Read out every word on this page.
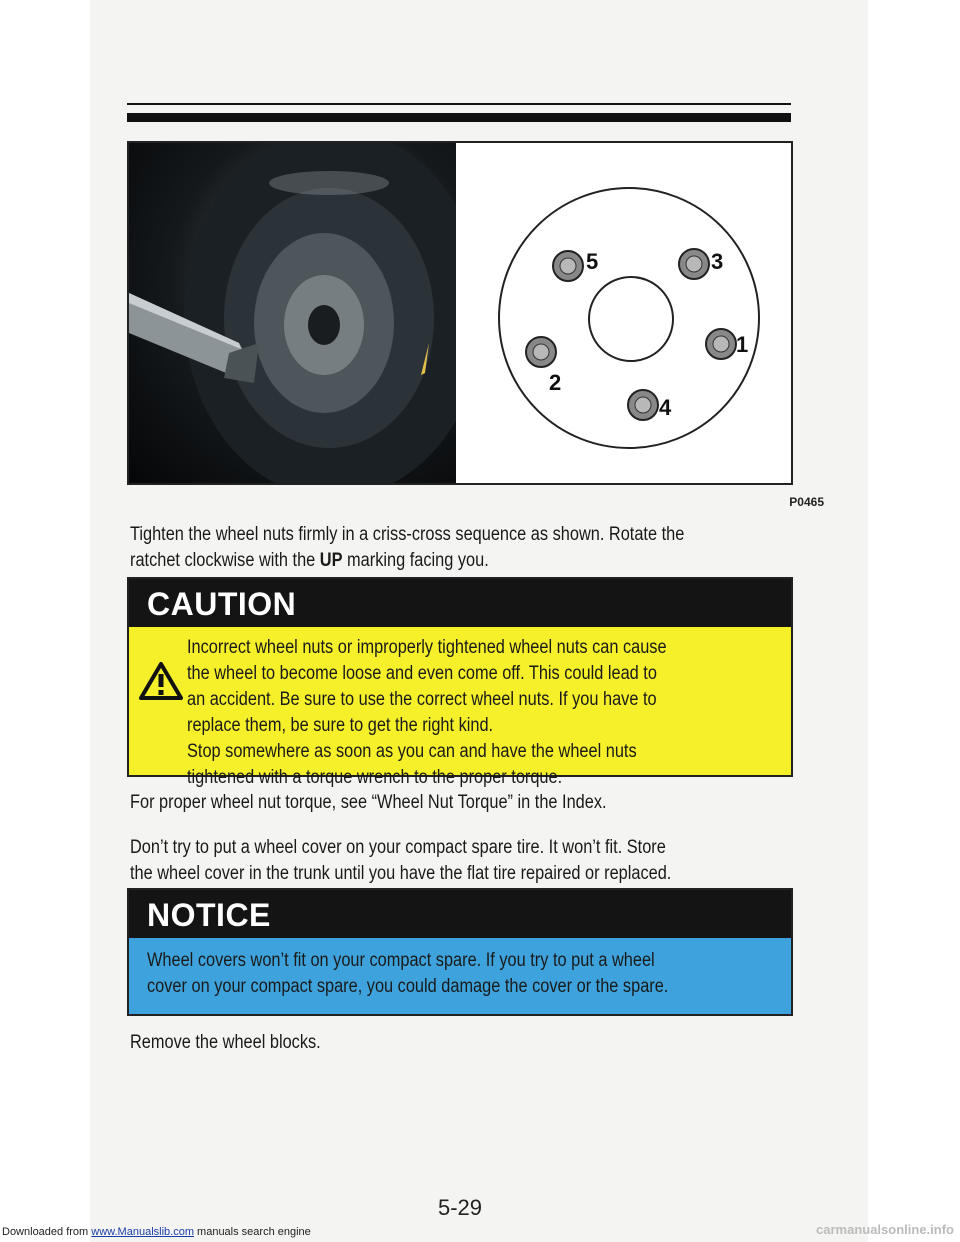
5	3
1
2
4
P0465
Tighten the wheel nuts firmly in a criss-cross sequence as shown. Rotate the
ratchet clockwise with the UP marking facing you.
CAUTION
Incorrect wheel nuts or improperly tightened wheel nuts can cause
the wheel to become loose and even come off. This could lead to
an accident. Be sure to use the correct wheel nuts. If you have to
replace them, be sure to get the right kind.
Stop somewhere as soon as you can and have the wheel nuts
tightened with a torque wrench to the proper torque.
For proper wheel nut torque, see “Wheel Nut Torque” in the Index.
Don’t try to put a wheel cover on your compact spare tire. It won’t fit. Store
the wheel cover in the trunk until you have the flat tire repaired or replaced.
NOTICE
Wheel covers won’t fit on your compact spare. If you try to put a wheel
cover on your compact spare, you could damage the cover or the spare.
Remove the wheel blocks.
5-29
Downloaded from www.Manualslib.com manuals search engine	carmanualsonline.info
